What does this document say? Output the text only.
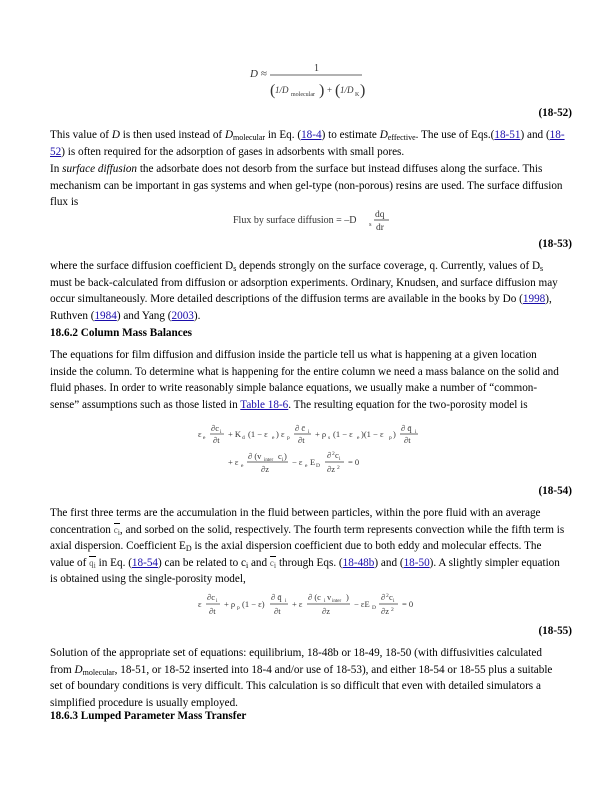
D ≈	1
( 1/D molecular ) + ( 1/D K )
(18-52)

This value of D is then used instead of $D_{molecular}$ in Eq. (18-4) to estimate $D_{effective}$. The use of Eqs.(18-51) and (18-52) is often required for the adsorption of gases in adsorbents with small pores.

In surface diffusion the adsorbate does not desorb from the surface but instead diffuses along the surface. This mechanism can be important in gas systems and when gel-type (non-porous) resins are used. The surface diffusion flux is

Flux by surface diffusion = –D s
dq
dr
(18-53)

where the surface diffusion coefficient $D_s$ depends strongly on the surface coverage, q. Currently, values of $D_s$ must be back-calculated from diffusion or adsorption experiments. Ordinary, Knudsen, and surface diffusion may occur simultaneously. More detailed descriptions of the diffusion terms are available in the books by Do (1998), Ruthven (1984) and Yang (2003).

18.6.2 Column Mass Balances

The equations for film diffusion and diffusion inside the particle tell us what is happening at a given location inside the column. To determine what is happening for the entire column we need a mass balance on the solid and fluid phases. In order to write reasonably simple balance equations, we usually make a number of “common-sense” assumptions such as those listed in Table 18-6. The resulting equation for the two-porosity model is

ε e
∂c i
∂t
+ K d (1 − ε e ) ε p
∂ c̄ i
∂t
+ ρ s (1 − ε e )(1 − ε p )
∂ q̄ i
∂t
+ ε e
∂ (v inter c i )
∂z
− ε e E D
∂ 2 c i
∂z 2
= 0
(18-54)

The first three terms are the accumulation in the fluid between particles, within the pore fluid with an average concentration $c_i$, and sorbed on the solid, respectively. The fourth term represents convection while the fifth term is axial dispersion. Coefficient $E_D$ is the axial dispersion coefficient due to both eddy and molecular effects. The value of $q_i$ in Eq. (18-54) can be related to $c_i$ and $c_i$ through Eqs. (18-48b) and (18-50). A slightly simpler equation is obtained using the single-porosity model,

ε
∂c i
∂t
+ ρ p (1 − ε)
∂ q̄ i
∂t
+ ε
∂ (c i v inter )
∂z
− εE D
∂ 2 c i
∂z 2
= 0
(18-55)

Solution of the appropriate set of equations: equilibrium, 18-48b or 18-49, 18-50 (with diffusivities calculated from $D_{molecular}$, 18-51, or 18-52 inserted into 18-4 and/or use of 18-53), and either 18-54 or 18-55 plus a suitable set of boundary conditions is very difficult. This calculation is so difficult that even with detailed simulators a simplified procedure is usually employed.

18.6.3 Lumped Parameter Mass Transfer
